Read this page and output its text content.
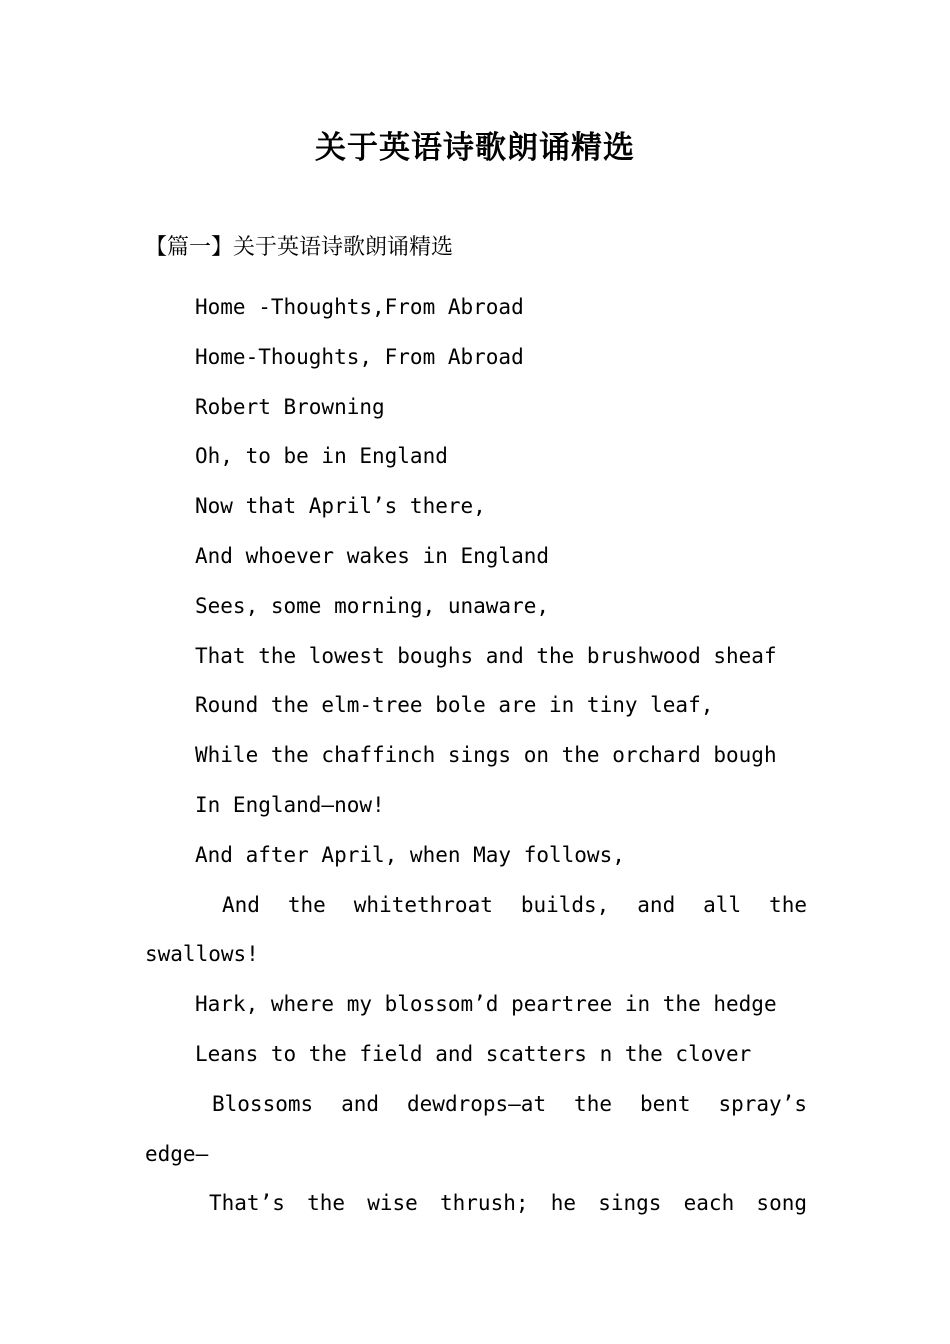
关于英语诗歌朗诵精选

【篇一】关于英语诗歌朗诵精选

Home -Thoughts,From Abroad
Home-Thoughts, From Abroad
Robert Browning
Oh, to be in England
Now that April’s there,
And whoever wakes in England
Sees, some morning, unaware,
That the lowest boughs and the brushwood sheaf
Round the elm-tree bole are in tiny leaf,
While the chaffinch sings on the orchard bough
In England—now!
And after April, when May follows,
And the whitethroat builds, and all the
swallows!
Hark, where my blossom’d peartree in the hedge
Leans to the field and scatters n the clover
Blossoms and dewdrops—at the bent spray’s
edge—
That’s the wise thrush; he sings each song
